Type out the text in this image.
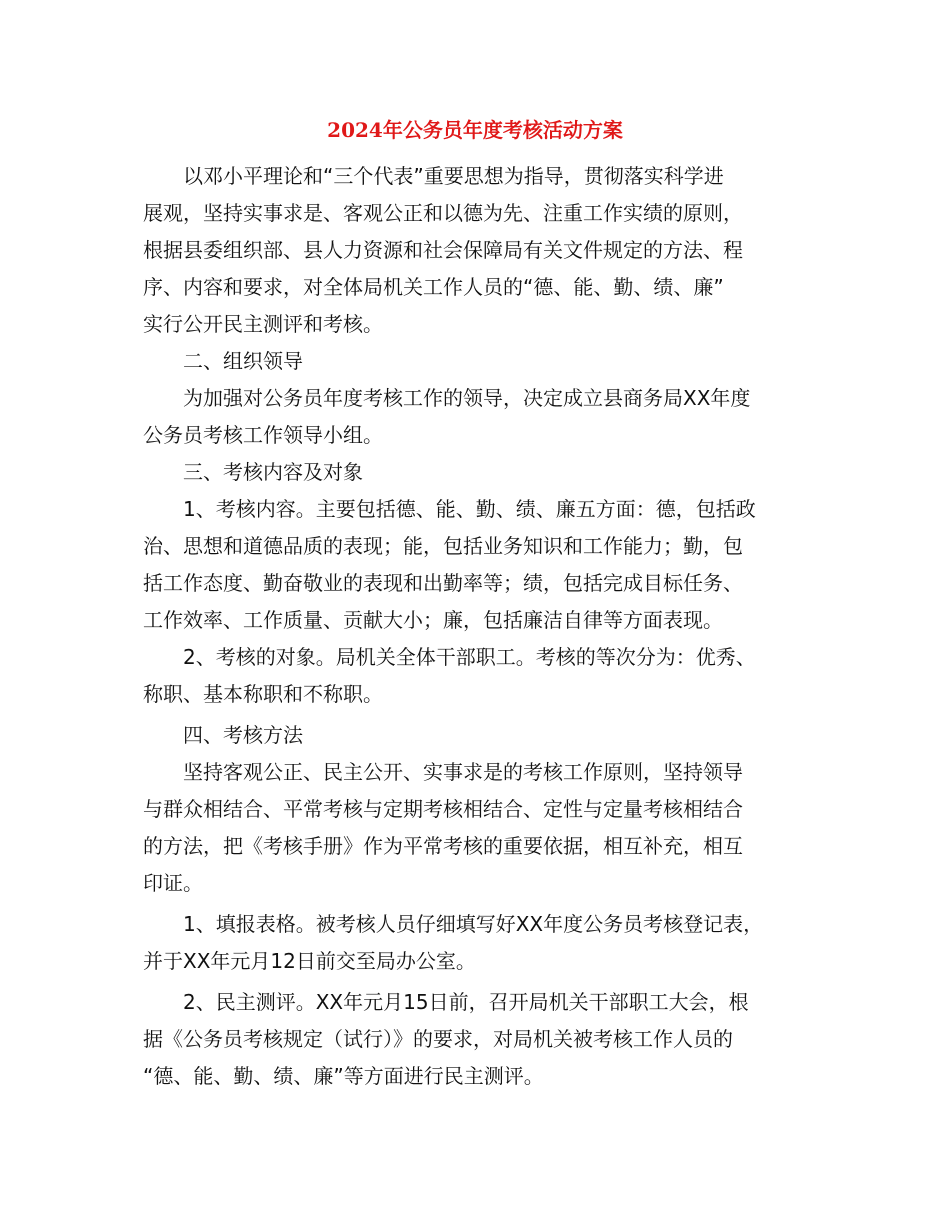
2024年公务员年度考核活动方案

以邓小平理论和“三个代表”重要思想为指导，贯彻落实科学进
展观，坚持实事求是、客观公正和以德为先、注重工作实绩的原则，
根据县委组织部、县人力资源和社会保障局有关文件规定的方法、程
序、内容和要求，对全体局机关工作人员的“德、能、勤、绩、廉”
实行公开民主测评和考核。

二、组织领导

为加强对公务员年度考核工作的领导，决定成立县商务局XX年度
公务员考核工作领导小组。

三、考核内容及对象

1、考核内容。主要包括德、能、勤、绩、廉五方面：德，包括政
治、思想和道德品质的表现；能，包括业务知识和工作能力；勤，包
括工作态度、勤奋敬业的表现和出勤率等；绩，包括完成目标任务、
工作效率、工作质量、贡献大小；廉，包括廉洁自律等方面表现。

2、考核的对象。局机关全体干部职工。考核的等次分为：优秀、
称职、基本称职和不称职。

四、考核方法

坚持客观公正、民主公开、实事求是的考核工作原则，坚持领导
与群众相结合、平常考核与定期考核相结合、定性与定量考核相结合
的方法，把《考核手册》作为平常考核的重要依据，相互补充，相互
印证。

1、填报表格。被考核人员仔细填写好XX年度公务员考核登记表，
并于XX年元月12日前交至局办公室。

2、民主测评。XX年元月15日前，召开局机关干部职工大会，根
据《公务员考核规定（试行）》的要求，对局机关被考核工作人员的
“德、能、勤、绩、廉”等方面进行民主测评。
